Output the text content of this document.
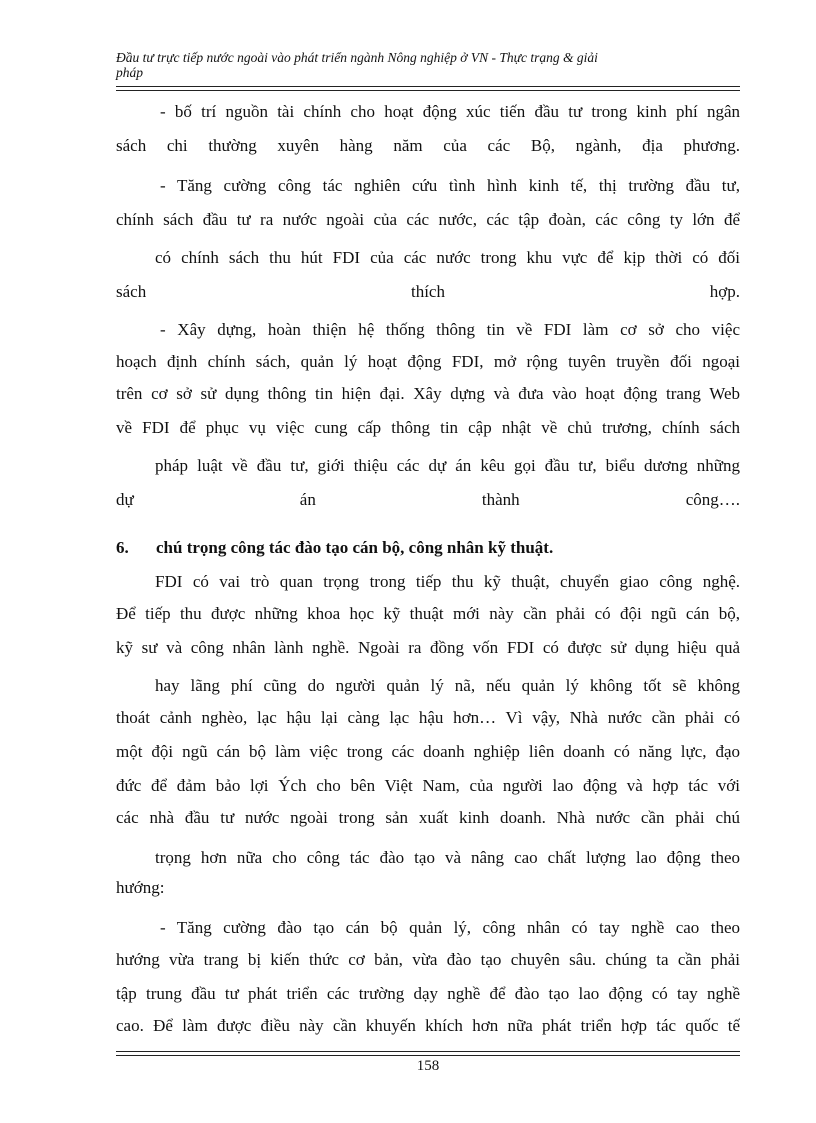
Đầu tư trực tiếp nước ngoài vào phát triển ngành Nông nghiệp ở VN - Thực trạng & giải
pháp
- bố trí nguồn tài chính cho hoạt động xúc tiến đầu tư trong kinh phí ngân
sách chi thường xuyên hàng năm của các Bộ, ngành, địa phương.
- Tăng cường công tác nghiên cứu tình hình kinh tế, thị trường đầu tư,
chính sách đầu tư ra nước ngoài của các nước, các tập đoàn, các công ty lớn để
có chính sách thu hút FDI của các nước trong khu vực để kịp thời có đối
sách thích hợp.
- Xây dựng, hoàn thiện hệ thống thông tin về FDI làm cơ sở cho việc
hoạch định chính sách, quản lý hoạt động FDI, mở rộng tuyên truyền đối ngoại
trên cơ sở sử dụng thông tin hiện đại. Xây dựng và đưa vào hoạt động trang Web
về FDI để phục vụ việc cung cấp thông tin cập nhật về chủ trương, chính sách
pháp luật về đầu tư, giới thiệu các dự án kêu gọi đầu tư, biểu dương những
dự án thành công….
6. chú trọng công tác đào tạo cán bộ, công nhân kỹ thuật.
FDI có vai trò quan trọng trong tiếp thu kỹ thuật, chuyển giao công nghệ.
Để tiếp thu được những khoa học kỹ thuật mới này cần phải có đội ngũ cán bộ,
kỹ sư và công nhân lành nghề. Ngoài ra đồng vốn FDI có được sử dụng hiệu quả
hay lãng phí cũng do người quản lý nã, nếu quản lý không tốt sẽ không
thoát cảnh nghèo, lạc hậu lại càng lạc hậu hơn… Vì vậy, Nhà nước cần phải có
một đội ngũ cán bộ làm việc trong các doanh nghiệp liên doanh có năng lực, đạo
đức để đảm bảo lợi Ých cho bên Việt Nam, của người lao động và hợp tác với
các nhà đầu tư nước ngoài trong sản xuất kinh doanh. Nhà nước cần phải chú
trọng hơn nữa cho công tác đào tạo và nâng cao chất lượng lao động theo
hướng:
- Tăng cường đào tạo cán bộ quản lý, công nhân có tay nghề cao theo
hướng vừa trang bị kiến thức cơ bản, vừa đào tạo chuyên sâu. chúng ta cần phải
tập trung đầu tư phát triển các trường dạy nghề để đào tạo lao động có tay nghề
cao. Để làm được điều này cần khuyến khích hơn nữa phát triển hợp tác quốc tế
158
